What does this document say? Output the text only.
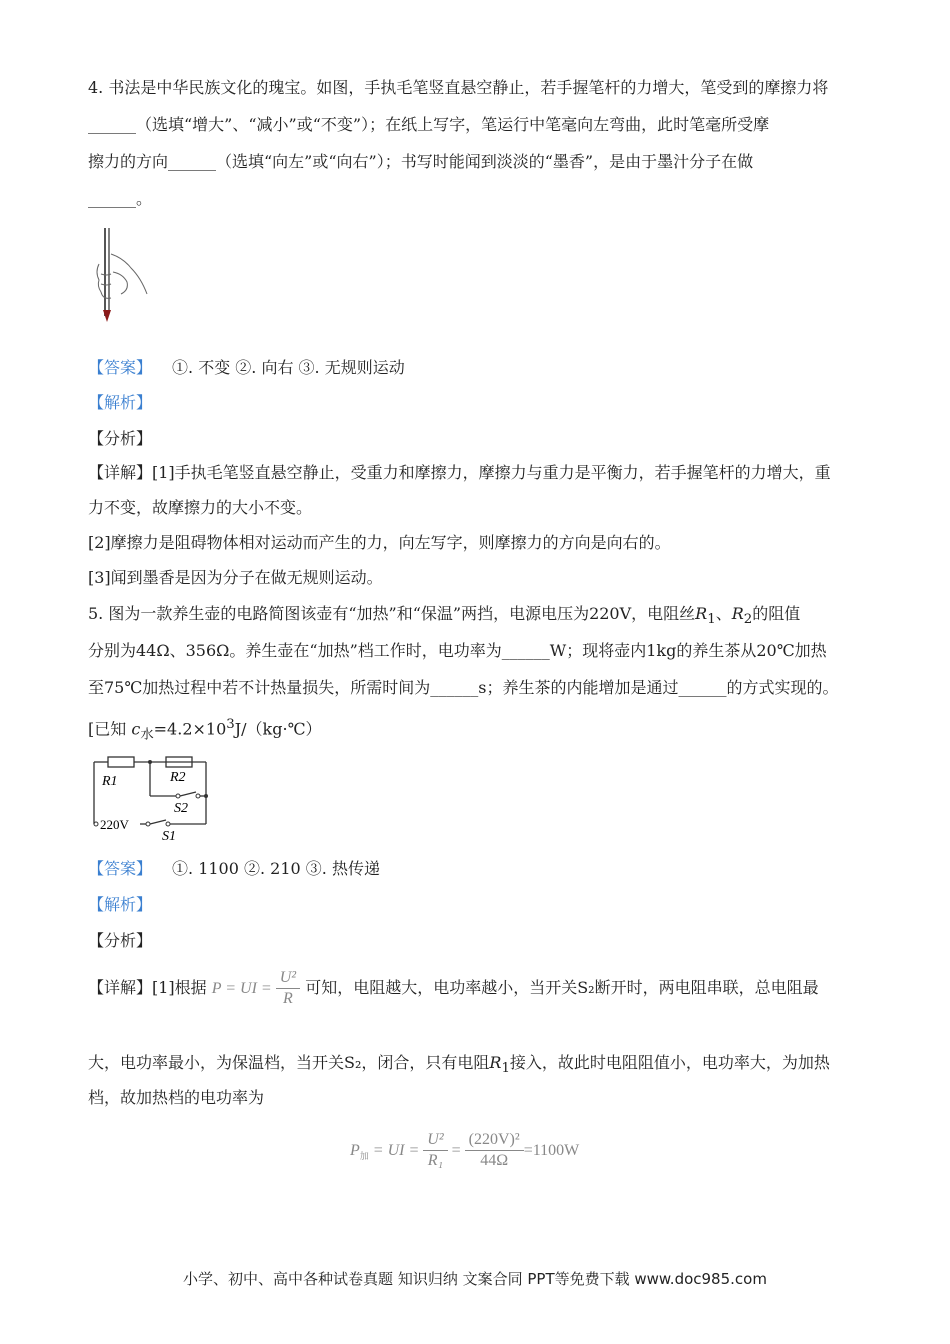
4. 书法是中华民族文化的瑰宝。如图，手执毛笔竖直悬空静止，若手握笔杆的力增大，笔受到的摩擦力将
______（选填“增大”、“减小”或“不变”）；在纸上写字，笔运行中笔毫向左弯曲，此时笔毫所受摩
擦力的方向______（选填“向左”或“向右”）；书写时能闻到淡淡的“墨香”，是由于墨汁分子在做
______。
【答案】 ①. 不变 ②. 向右 ③. 无规则运动
【解析】
【分析】
【详解】[1]手执毛笔竖直悬空静止，受重力和摩擦力，摩擦力与重力是平衡力，若手握笔杆的力增大，重
力不变，故摩擦力的大小不变。
[2]摩擦力是阻碍物体相对运动而产生的力，向左写字，则摩擦力的方向是向右的。
[3]闻到墨香是因为分子在做无规则运动。
5. 图为一款养生壶的电路简图该壶有“加热”和“保温”两挡，电源电压为220V，电阻丝$R_1$、$R_2$的阻值
分别为44Ω、356Ω。养生壶在“加热”档工作时，电功率为______W；现将壶内1kg的养生茶从20℃加热
至75℃加热过程中若不计热量损失，所需时间为______s；养生茶的内能增加是通过______的方式实现的。
[已知 $c_水=4.2\times 10^3J/(kg\cdot℃)$
R1	R2
S2
220V
S1
【答案】 ①. 1100 ②. 210 ③. 热传递
【解析】
【分析】
【详解】[1]根据 P = UI = $\frac{\text{U²}}{R}$ 可知，电阻越大，电功率越小，当开关S₂断开时，两电阻串联，总电阻最
大，电功率最小，为保温档，当开关S₂，闭合，只有电阻$R_1$接入，故此时电阻阻值小，电功率大，为加热
档，故加热档的电功率为
$P_加$ = UI = $\frac{\text{U²}}{\text{R₁}} = \frac{\text{(220V)²}}{44\Omega} =1100W$
小学、初中、高中各种试卷真题 知识归纳 文案合同 PPT等免费下载 www.doc985.com
